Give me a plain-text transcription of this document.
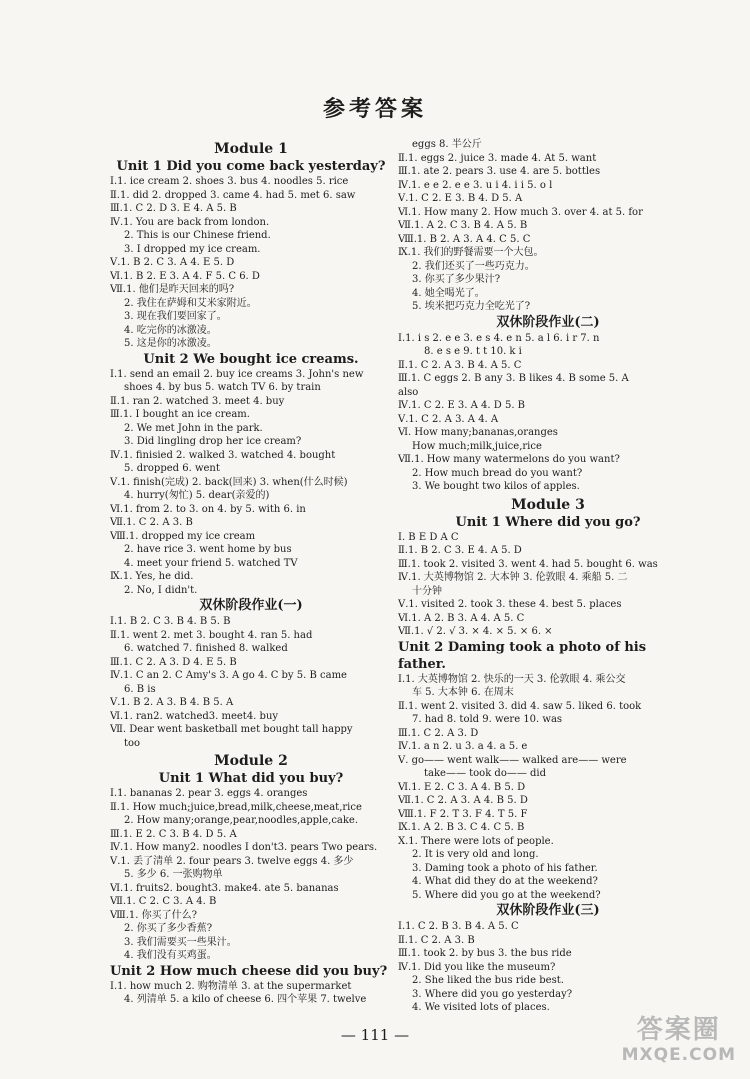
参考答案
Module 1
Unit 1 Did you come back yesterday?
Ⅰ.1. ice cream 2. shoes 3. bus 4. noodles 5. rice
Ⅱ.1. did 2. dropped 3. came 4. had 5. met 6. saw
Ⅲ.1. C 2. D 3. E 4. A 5. B
Ⅳ.1. You are back from london.
2. This is our Chinese friend.
3. I dropped my ice cream.
Ⅴ.1. B 2. C 3. A 4. E 5. D
Ⅵ.1. B 2. E 3. A 4. F 5. C 6. D
Ⅶ.1. 他们是昨天回来的吗?
2. 我住在萨姆和艾米家附近。
3. 现在我们要回家了。
4. 吃完你的冰激凌。
5. 这是你的冰激凌。
Unit 2 We bought ice creams.
Ⅰ.1. send an email 2. buy ice creams 3. John's new
shoes 4. by bus 5. watch TV 6. by train
Ⅱ.1. ran 2. watched 3. meet 4. buy
Ⅲ.1. I bought an ice cream.
2. We met John in the park.
3. Did lingling drop her ice cream?
Ⅳ.1. finisied 2. walked 3. watched 4. bought
5. dropped 6. went
Ⅴ.1. finish(完成) 2. back(回来) 3. when(什么时候)
4. hurry(匆忙) 5. dear(亲爱的)
Ⅵ.1. from 2. to 3. on 4. by 5. with 6. in
Ⅶ.1. C 2. A 3. B
Ⅷ.1. dropped my ice cream
2. have rice 3. went home by bus
4. meet your friend 5. watched TV
Ⅸ.1. Yes, he did.
2. No, I didn't.
双休阶段作业(一)
Ⅰ.1. B 2. C 3. B 4. B 5. B
Ⅱ.1. went 2. met 3. bought 4. ran 5. had
6. watched 7. finished 8. walked
Ⅲ.1. C 2. A 3. D 4. E 5. B
Ⅳ.1. C an 2. C Amy's 3. A go 4. C by 5. B came
6. B is
Ⅴ.1. B 2. A 3. B 4. B 5. A
Ⅵ.1. ran2. watched3. meet4. buy
Ⅶ. Dear went basketball met bought tall happy
too
Module 2
Unit 1 What did you buy?
Ⅰ.1. bananas 2. pear 3. eggs 4. oranges
Ⅱ.1. How much;juice,bread,milk,cheese,meat,rice
2. How many;orange,pear,noodles,apple,cake.
Ⅲ.1. E 2. C 3. B 4. D 5. A
Ⅳ.1. How many2. noodles I don't3. pears Two pears.
Ⅴ.1. 丢了清单 2. four pears 3. twelve eggs 4. 多少
5. 多少 6. 一张购物单
Ⅵ.1. fruits2. bought3. make4. ate 5. bananas
Ⅶ.1. C 2. C 3. A 4. B
Ⅷ.1. 你买了什么?
2. 你买了多少香蕉?
3. 我们需要买一些果汁。
4. 我们没有买鸡蛋。
Unit 2 How much cheese did you buy?
Ⅰ.1. how much 2. 购物清单 3. at the supermarket
4. 列清单 5. a kilo of cheese 6. 四个苹果 7. twelve
eggs 8. 半公斤
Ⅱ.1. eggs 2. juice 3. made 4. At 5. want
Ⅲ.1. ate 2. pears 3. use 4. are 5. bottles
Ⅳ.1. e e 2. e e 3. u i 4. i i 5. o l
Ⅴ.1. C 2. E 3. B 4. D 5. A
Ⅵ.1. How many 2. How much 3. over 4. at 5. for
Ⅶ.1. A 2. C 3. B 4. A 5. B
Ⅷ.1. B 2. A 3. A 4. C 5. C
Ⅸ.1. 我们的野餐需要一个大包。
2. 我们还买了一些巧克力。
3. 你买了多少果汁?
4. 她全喝光了。
5. 埃米把巧克力全吃光了?
双休阶段作业(二)
Ⅰ.1. i s 2. e e 3. e s 4. e n 5. a l 6. i r 7. n
8. e s e 9. t t 10. k i
Ⅱ.1. C 2. A 3. B 4. A 5. C
Ⅲ.1. C eggs 2. B any 3. B likes 4. B some 5. A
also
Ⅳ.1. C 2. E 3. A 4. D 5. B
Ⅴ.1. C 2. A 3. A 4. A
Ⅵ. How many;bananas,oranges
How much;milk,juice,rice
Ⅶ.1. How many watermelons do you want?
2. How much bread do you want?
3. We bought two kilos of apples.
Module 3
Unit 1 Where did you go?
Ⅰ. B E D A C
Ⅱ.1. B 2. C 3. E 4. A 5. D
Ⅲ.1. took 2. visited 3. went 4. had 5. bought 6. was
Ⅳ.1. 大英博物馆 2. 大本钟 3. 伦敦眼 4. 乘船 5. 二
十分钟
Ⅴ.1. visited 2. took 3. these 4. best 5. places
Ⅵ.1. A 2. B 3. A 4. A 5. C
Ⅶ.1. √ 2. √ 3. × 4. × 5. × 6. ×
Unit 2 Daming took a photo of his father.
Ⅰ.1. 大英博物馆 2. 快乐的一天 3. 伦敦眼 4. 乘公交
车 5. 大本钟 6. 在周末
Ⅱ.1. went 2. visited 3. did 4. saw 5. liked 6. took
7. had 8. told 9. were 10. was
Ⅲ.1. C 2. A 3. D
Ⅳ.1. a n 2. u 3. a 4. a 5. e
Ⅴ. go—— went walk—— walked are—— were
take—— took do—— did
Ⅵ.1. E 2. C 3. A 4. B 5. D
Ⅶ.1. C 2. A 3. A 4. B 5. D
Ⅷ.1. F 2. T 3. F 4. T 5. F
Ⅸ.1. A 2. B 3. C 4. C 5. B
Ⅹ.1. There were lots of people.
2. It is very old and long.
3. Daming took a photo of his father.
4. What did they do at the weekend?
5. Where did you go at the weekend?
双休阶段作业(三)
Ⅰ.1. C 2. B 3. B 4. A 5. C
Ⅱ.1. C 2. A 3. B
Ⅲ.1. took 2. by bus 3. the bus ride
Ⅳ.1. Did you like the museum?
2. She liked the bus ride best.
3. Where did you go yesterday?
4. We visited lots of places.
— 111 —	答案圈
MXQE.COM
